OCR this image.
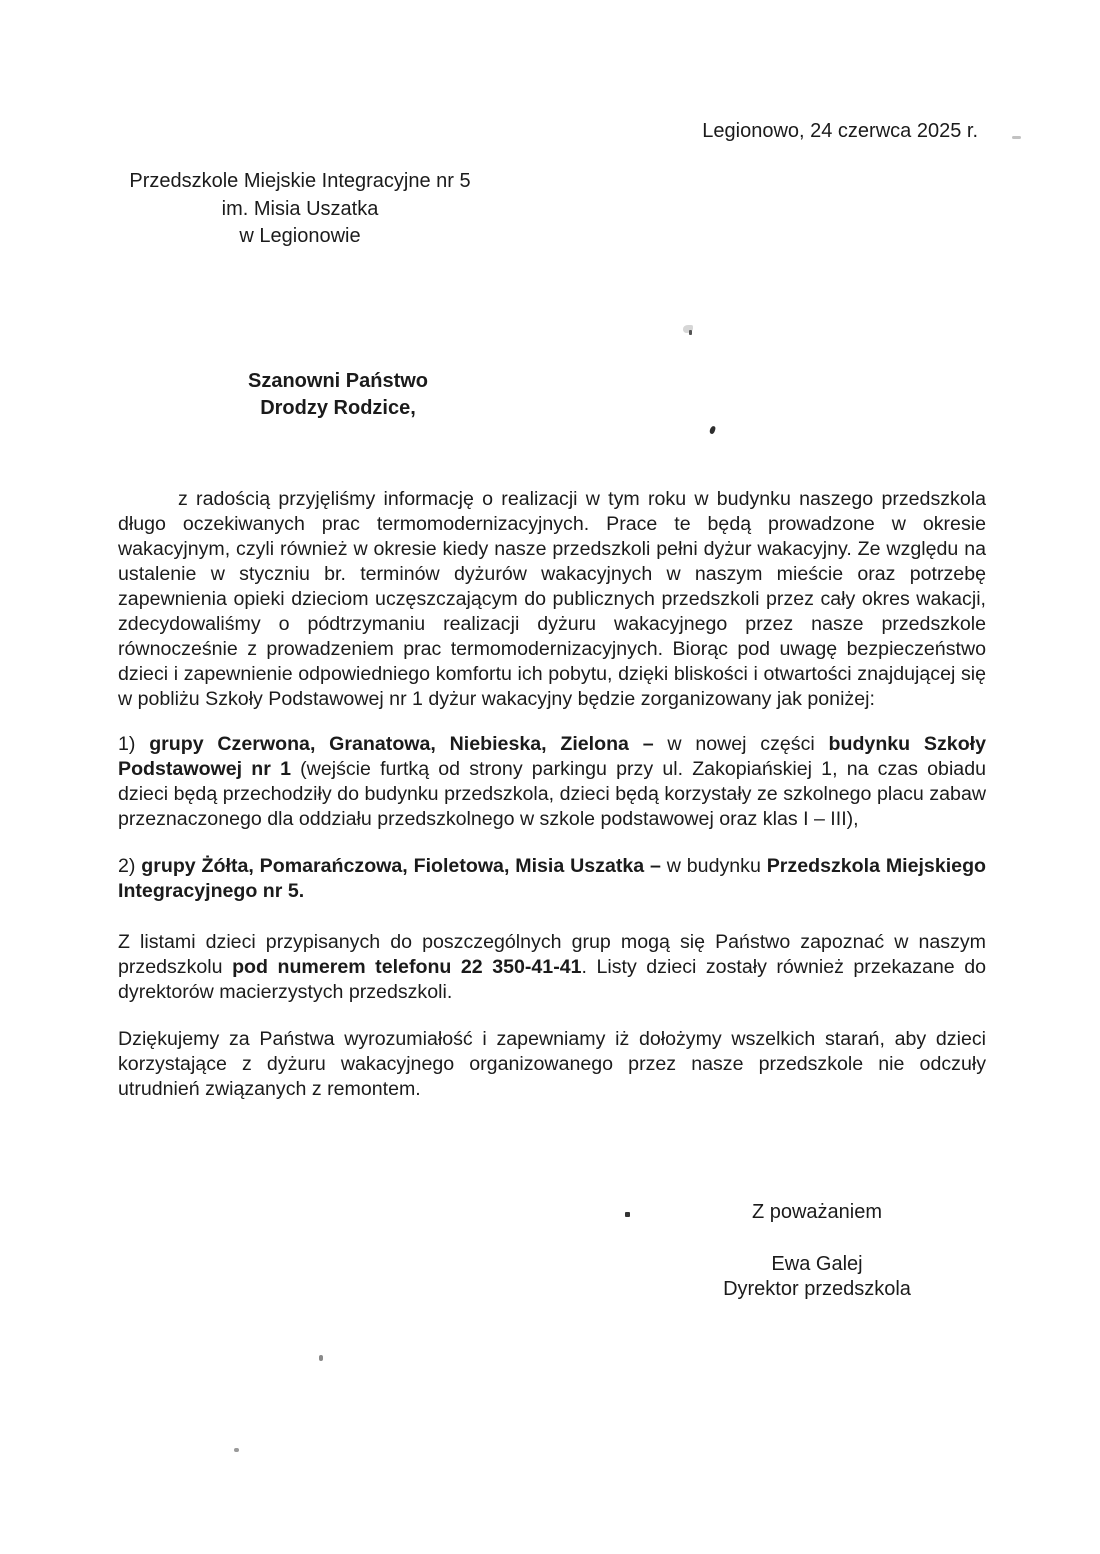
Legionowo, 24 czerwca 2025 r.
Przedszkole Miejskie Integracyjne nr 5
im. Misia Uszatka
w Legionowie
Szanowni Państwo
Drodzy Rodzice,
z radością przyjęliśmy informację o realizacji w tym roku w budynku naszego przedszkola długo oczekiwanych prac termomodernizacyjnych. Prace te będą prowadzone w okresie wakacyjnym, czyli również w okresie kiedy nasze przedszkoli pełni dyżur wakacyjny. Ze względu na ustalenie w styczniu br. terminów dyżurów wakacyjnych w naszym mieście oraz potrzebę zapewnienia opieki dzieciom uczęszczającym do publicznych przedszkoli przez cały okres wakacji, zdecydowaliśmy o pódtrzymaniu realizacji dyżuru wakacyjnego przez nasze przedszkole równocześnie z prowadzeniem prac termomodernizacyjnych. Biorąc pod uwagę bezpieczeństwo dzieci i zapewnienie odpowiedniego komfortu ich pobytu, dzięki bliskości i otwartości znajdującej się w pobliżu Szkoły Podstawowej nr 1 dyżur wakacyjny będzie zorganizowany jak poniżej:
1) grupy Czerwona, Granatowa, Niebieska, Zielona – w nowej części budynku Szkoły Podstawowej nr 1 (wejście furtką od strony parkingu przy ul. Zakopiańskiej 1, na czas obiadu dzieci będą przechodziły do budynku przedszkola, dzieci będą korzystały ze szkolnego placu zabaw przeznaczonego dla oddziału przedszkolnego w szkole podstawowej oraz klas I – III),
2) grupy Żółta, Pomarańczowa, Fioletowa, Misia Uszatka – w budynku Przedszkola Miejskiego Integracyjnego nr 5.
Z listami dzieci przypisanych do poszczególnych grup mogą się Państwo zapoznać w naszym przedszkolu pod numerem telefonu 22 350-41-41. Listy dzieci zostały również przekazane do dyrektorów macierzystych przedszkoli.
Dziękujemy za Państwa wyrozumiałość i zapewniamy iż dołożymy wszelkich starań, aby dzieci korzystające z dyżuru wakacyjnego organizowanego przez nasze przedszkole nie odczuły utrudnień związanych z remontem.
Z poważaniem
Ewa Galej
Dyrektor przedszkola
